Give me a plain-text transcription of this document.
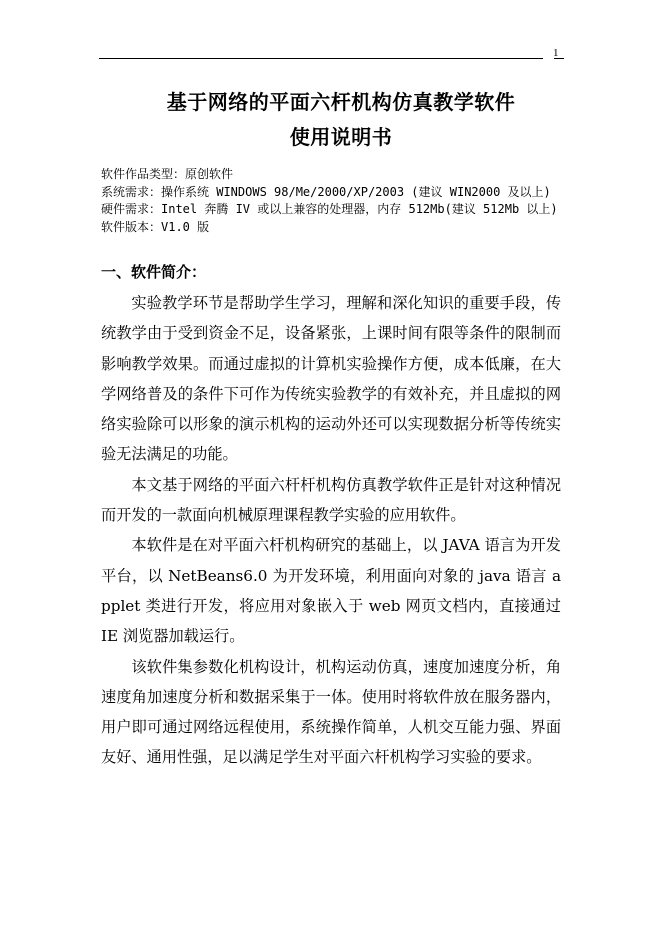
1
基于网络的平面六杆机构仿真教学软件
使用说明书
软件作品类型：原创软件
系统需求：操作系统 WINDOWS 98/Me/2000/XP/2003 (建议 WIN2000 及以上)
硬件需求：Intel 奔腾 IV 或以上兼容的处理器，内存 512Mb(建议 512Mb 以上)
软件版本：V1.0 版
一、软件简介：

实验教学环节是帮助学生学习，理解和深化知识的重要手段，传统教学由于受到资金不足，设备紧张，上课时间有限等条件的限制而影响教学效果。而通过虚拟的计算机实验操作方便，成本低廉，在大学网络普及的条件下可作为传统实验教学的有效补充，并且虚拟的网络实验除可以形象的演示机构的运动外还可以实现数据分析等传统实验无法满足的功能。

本文基于网络的平面六杆杆机构仿真教学软件正是针对这种情况而开发的一款面向机械原理课程教学实验的应用软件。

本软件是在对平面六杆机构研究的基础上，以 JAVA 语言为开发平台，以 NetBeans6.0 为开发环境，利用面向对象的 java 语言 applet 类进行开发，将应用对象嵌入于 web 网页文档内，直接通过 IE 浏览器加载运行。

该软件集参数化机构设计，机构运动仿真，速度加速度分析，角速度角加速度分析和数据采集于一体。使用时将软件放在服务器内，用户即可通过网络远程使用，系统操作简单，人机交互能力强、界面友好、通用性强，足以满足学生对平面六杆机构学习实验的要求。
